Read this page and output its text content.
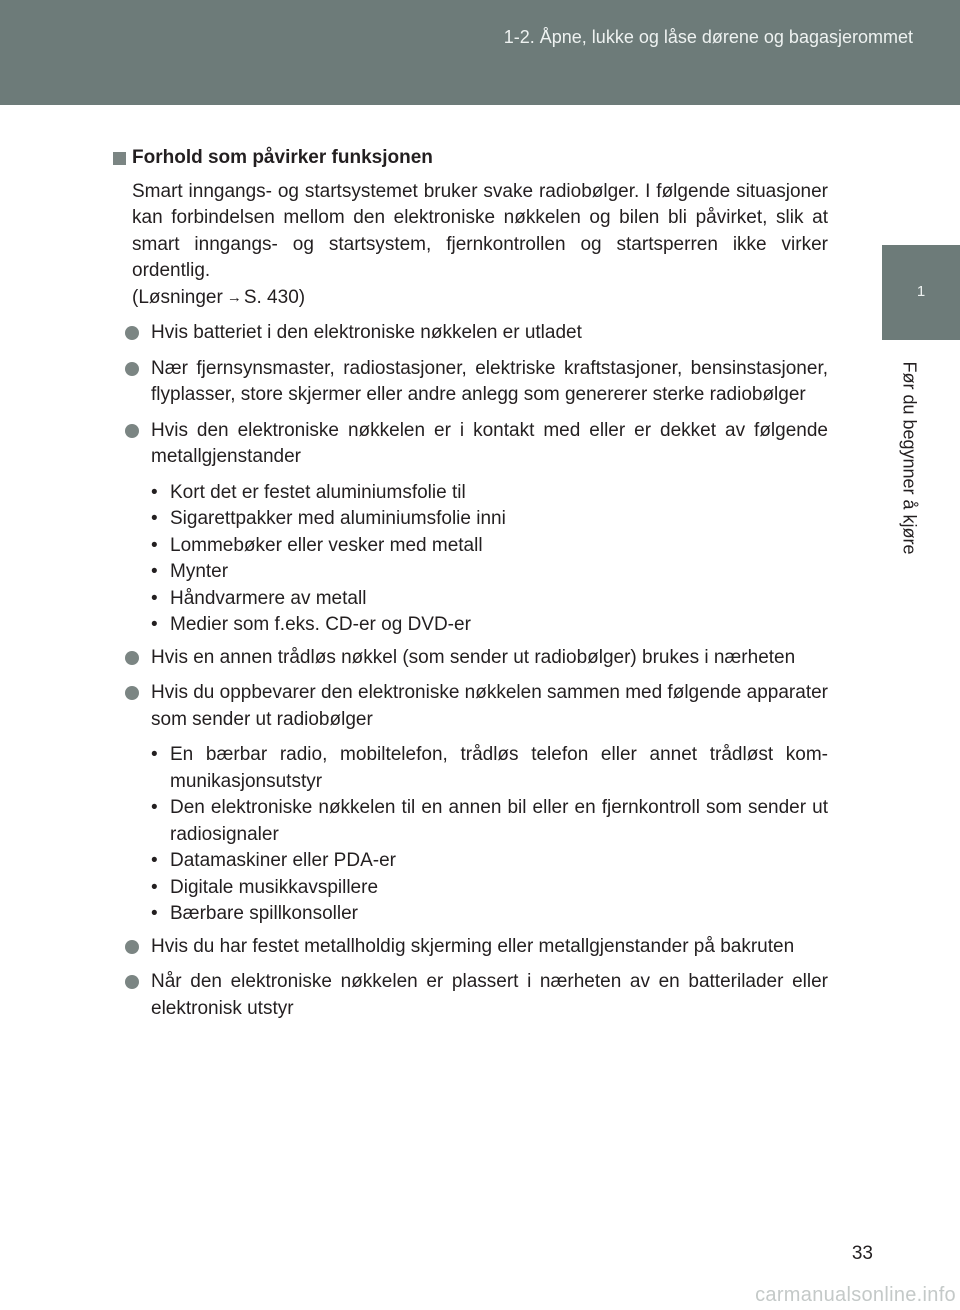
1-2. Åpne, lukke og låse dørene og bagasjerommet
1
Før du begynner å kjøre
Forhold som påvirker funksjonen
Smart inngangs- og startsystemet bruker svake radiobølger. I følgende situasjoner kan forbindelsen mellom den elektroniske nøkkelen og bilen bli påvirket, slik at smart inngangs- og startsystem, fjernkontrollen og startsperren ikke virker ordentlig.
(Løsninger → S. 430)
Hvis batteriet i den elektroniske nøkkelen er utladet
Nær fjernsynsmaster, radiostasjoner, elektriske kraftstasjoner, bensinstasjoner, flyplasser, store skjermer eller andre anlegg som genererer sterke radiobølger
Hvis den elektroniske nøkkelen er i kontakt med eller er dekket av følgende metallgjenstander
• Kort det er festet aluminiumsfolie til
• Sigarettpakker med aluminiumsfolie inni
• Lommebøker eller vesker med metall
• Mynter
• Håndvarmere av metall
• Medier som f.eks. CD-er og DVD-er
Hvis en annen trådløs nøkkel (som sender ut radiobølger) brukes i nærheten
Hvis du oppbevarer den elektroniske nøkkelen sammen med følgende apparater som sender ut radiobølger
• En bærbar radio, mobiltelefon, trådløs telefon eller annet trådløst kommunikasjonsutstyr
• Den elektroniske nøkkelen til en annen bil eller en fjernkontroll som sender ut radiosignaler
• Datamaskiner eller PDA-er
• Digitale musikkavspillere
• Bærbare spillkonsoller
Hvis du har festet metallholdig skjerming eller metallgjenstander på bakruten
Når den elektroniske nøkkelen er plassert i nærheten av en batterilader eller elektronisk utstyr
33
carmanualsonline.info
